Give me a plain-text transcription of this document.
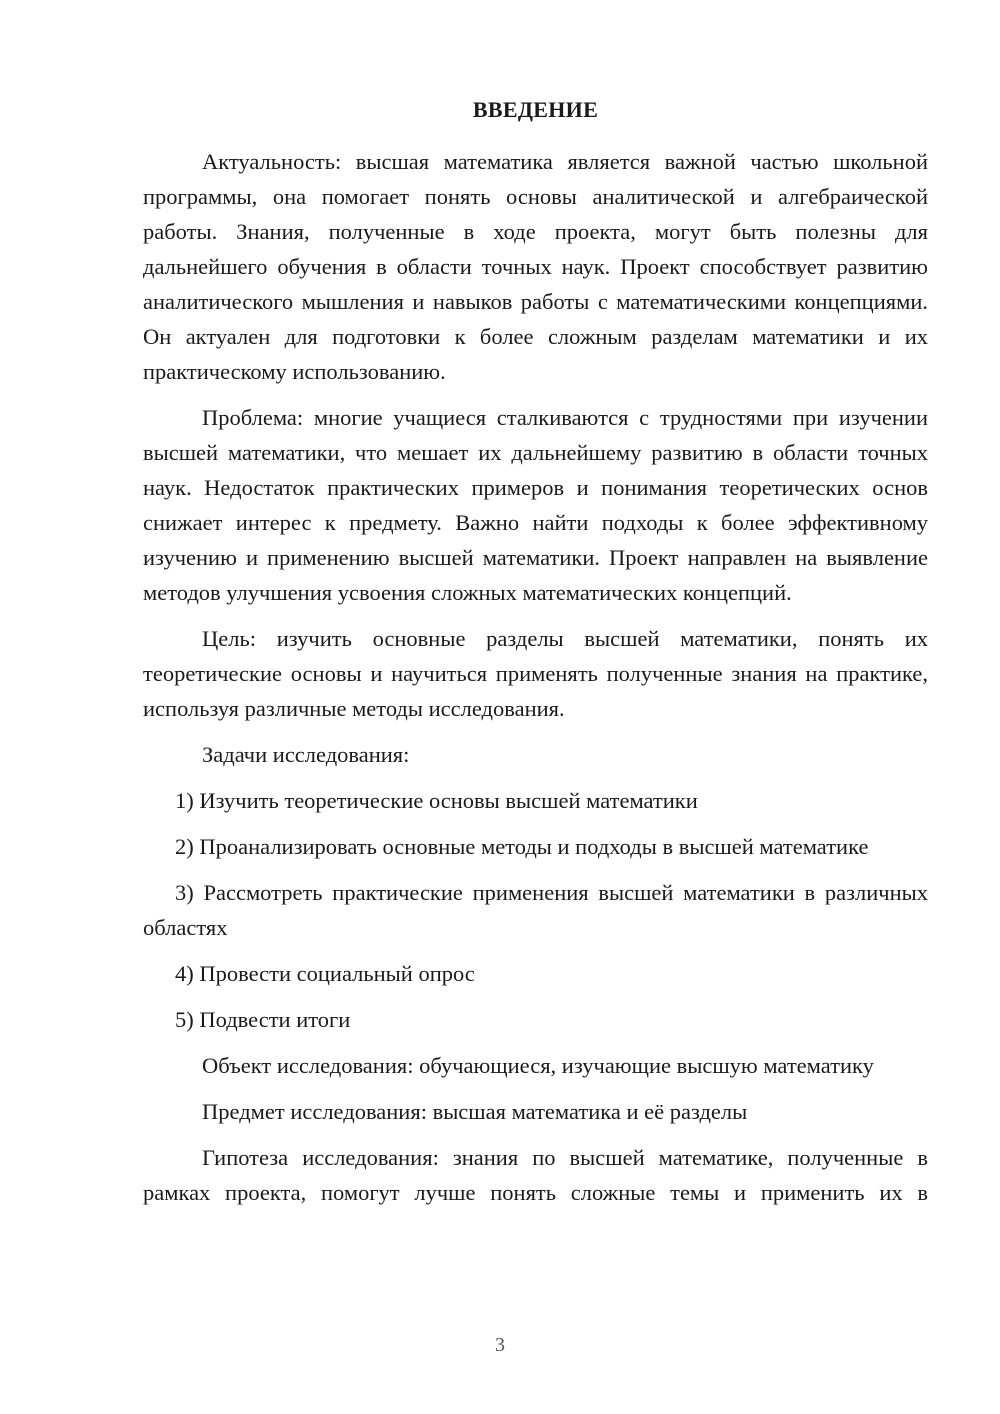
ВВЕДЕНИЕ

Актуальность: высшая математика является важной частью школьной программы, она помогает понять основы аналитической и алгебраической работы. Знания, полученные в ходе проекта, могут быть полезны для дальнейшего обучения в области точных наук. Проект способствует развитию аналитического мышления и навыков работы с математическими концепциями. Он актуален для подготовки к более сложным разделам математики и их практическому использованию.

Проблема: многие учащиеся сталкиваются с трудностями при изучении высшей математики, что мешает их дальнейшему развитию в области точных наук. Недостаток практических примеров и понимания теоретических основ снижает интерес к предмету. Важно найти подходы к более эффективному изучению и применению высшей математики. Проект направлен на выявление методов улучшения усвоения сложных математических концепций.

Цель: изучить основные разделы высшей математики, понять их теоретические основы и научиться применять полученные знания на практике, используя различные методы исследования.

Задачи исследования:

1) Изучить теоретические основы высшей математики

2) Проанализировать основные методы и подходы в высшей математике

3) Рассмотреть практические применения высшей математики в различных областях

4) Провести социальный опрос

5) Подвести итоги

Объект исследования: обучающиеся, изучающие высшую математику

Предмет исследования: высшая математика и её разделы

Гипотеза исследования: знания по высшей математике, полученные в рамках проекта, помогут лучше понять сложные темы и применить их в

3
